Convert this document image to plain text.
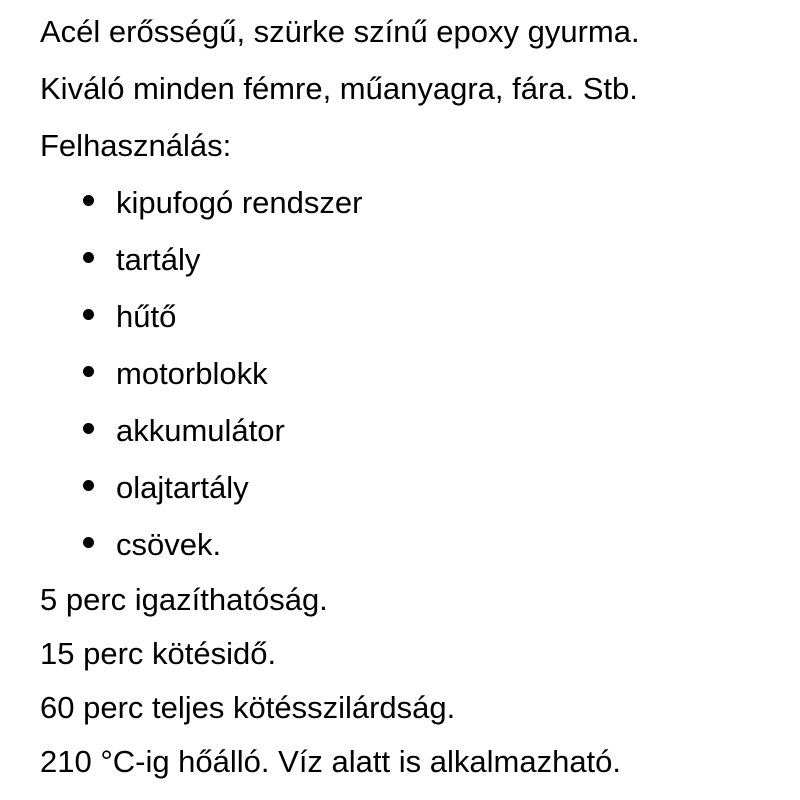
Acél erősségű, szürke színű epoxy gyurma.
Kiváló minden fémre, műanyagra, fára. Stb.
Felhasználás:
kipufogó rendszer
tartály
hűtő
motorblokk
akkumulátor
olajtartály
csövek.
5 perc igazíthatóság.
15 perc kötésidő.
60 perc teljes kötésszilárdság.
210 °C-ig hőálló. Víz alatt is alkalmazható.
